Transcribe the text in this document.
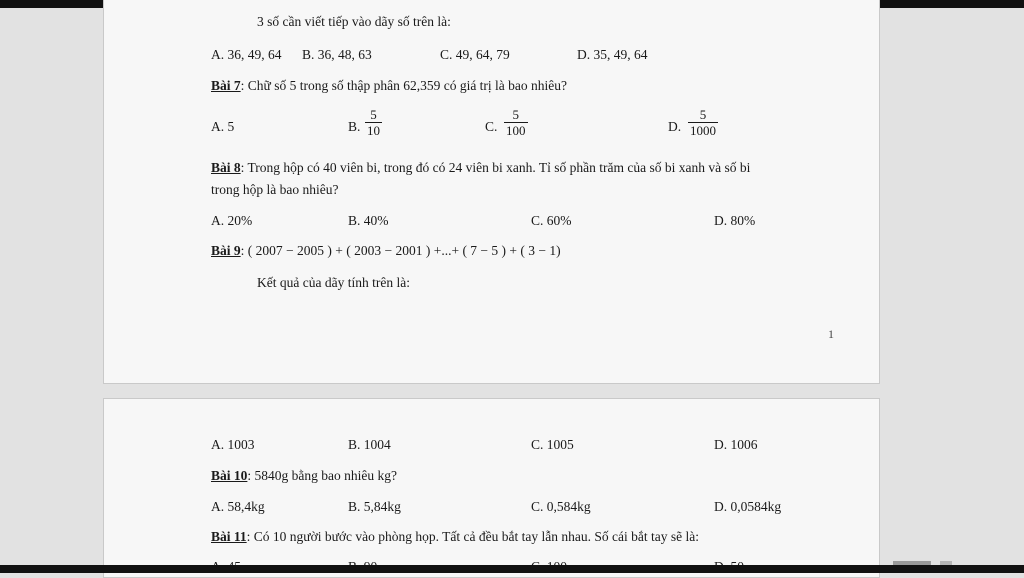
3 số cần viết tiếp vào dãy số trên là:
A. 36, 49, 64 B. 36, 48, 63	C. 49, 64, 79	D. 35, 49, 64
Bài 7: Chữ số 5 trong số thập phân 62,359 có giá trị là bao nhiêu?
A. 5	B. $\frac{5}{10}$	C. $\frac{5}{100}$	D. $\frac{5}{1000}$
Bài 8: Trong hộp có 40 viên bi, trong đó có 24 viên bi xanh. Tỉ số phần trăm của số bi xanh và số bi
trong hộp là bao nhiêu?
A. 20%	B. 40%	C. 60%	D. 80%
Bài 9: ( 2007 − 2005 ) + ( 2003 − 2001 ) +...+ ( 7 − 5 ) + ( 3 − 1)
Kết quả của dãy tính trên là:
1
A. 1003	B. 1004	C. 1005	D. 1006
Bài 10: 5840g bằng bao nhiêu kg?
A. 58,4kg	B. 5,84kg	C. 0,584kg	D. 0,0584kg
Bài 11: Có 10 người bước vào phòng họp. Tất cả đều bắt tay lẫn nhau. Số cái bắt tay sẽ là:
